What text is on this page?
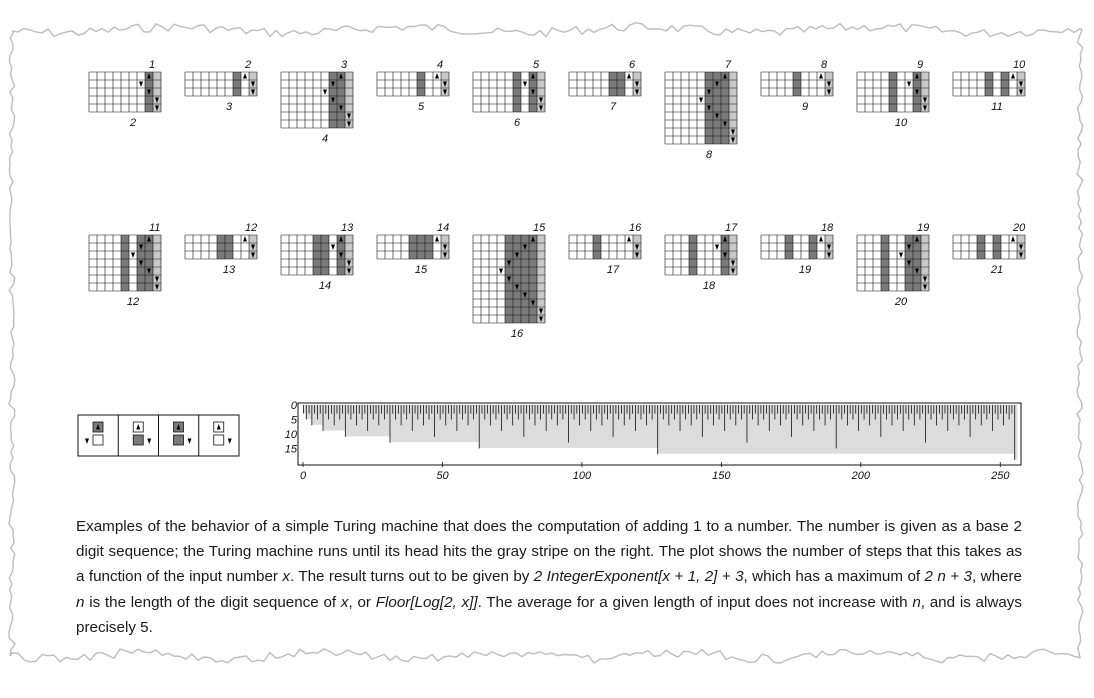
1
2
2
3
3
4
4
5
5
6
6
7
7
8
8
9
9
10
10
11
11
12
12
13
13
14
14
15
15
16
16
17
17
18
18
19
19
20
20
21
0
5
10
15
0	50	100	150	200	250

Examples of the behavior of a simple Turing machine that does the computation of adding 1 to a number. The number is given as a base 2 digit sequence; the Turing machine runs until its head hits the gray stripe on the right. The plot shows the number of steps that this takes as a function of the input number x. The result turns out to be given by 2 IntegerExponent[x + 1, 2] + 3, which has a maximum of 2 n + 3, where n is the length of the digit sequence of x, or Floor[Log[2, x]]. The average for a given length of input does not increase with n, and is always precisely 5.
